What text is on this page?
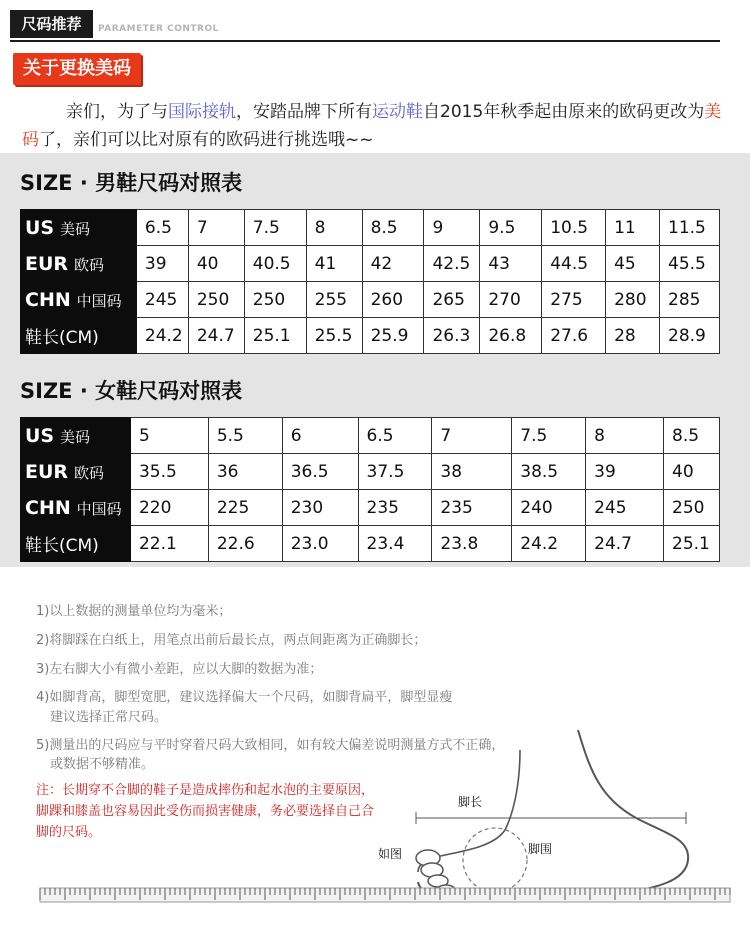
尺码推荐	PARAMETER CONTROL
关于更换美码
亲们，为了与国际接轨，安踏品牌下所有运动鞋自2015年秋季起由原来的欧码更改为美码了，亲们可以比对原有的欧码进行挑选哦~~
SIZE · 男鞋尺码对照表
US 美码	6.5	7	7.5	8	8.5	9	9.5	10.5	11	11.5
EUR 欧码	39	40	40.5	41	42	42.5	43	44.5	45	45.5
CHN 中国码	245	250	250	255	260	265	270	275	280	285
鞋长(CM)	24.2	24.7	25.1	25.5	25.9	26.3	26.8	27.6	28	28.9
SIZE · 女鞋尺码对照表
US 美码	5	5.5	6	6.5	7	7.5	8	8.5
EUR 欧码	35.5	36	36.5	37.5	38	38.5	39	40
CHN 中国码	220	225	230	235	235	240	245	250
鞋长(CM)	22.1	22.6	23.0	23.4	23.8	24.2	24.7	25.1
脚长
脚围
如图
1)以上数据的测量单位均为毫米；
2)将脚踩在白纸上，用笔点出前后最长点，两点间距离为正确脚长；
3)左右脚大小有微小差距，应以大脚的数据为准；
4)如脚背高，脚型宽肥，建议选择偏大一个尺码，如脚背扁平，脚型显瘦
建议选择正常尺码。
5)测量出的尺码应与平时穿着尺码大致相同，如有较大偏差说明测量方式不正确，
或数据不够精准。
注：长期穿不合脚的鞋子是造成摔伤和起水泡的主要原因，脚踝和膝盖也容易因此受伤而损害健康，务必要选择自己合脚的尺码。
